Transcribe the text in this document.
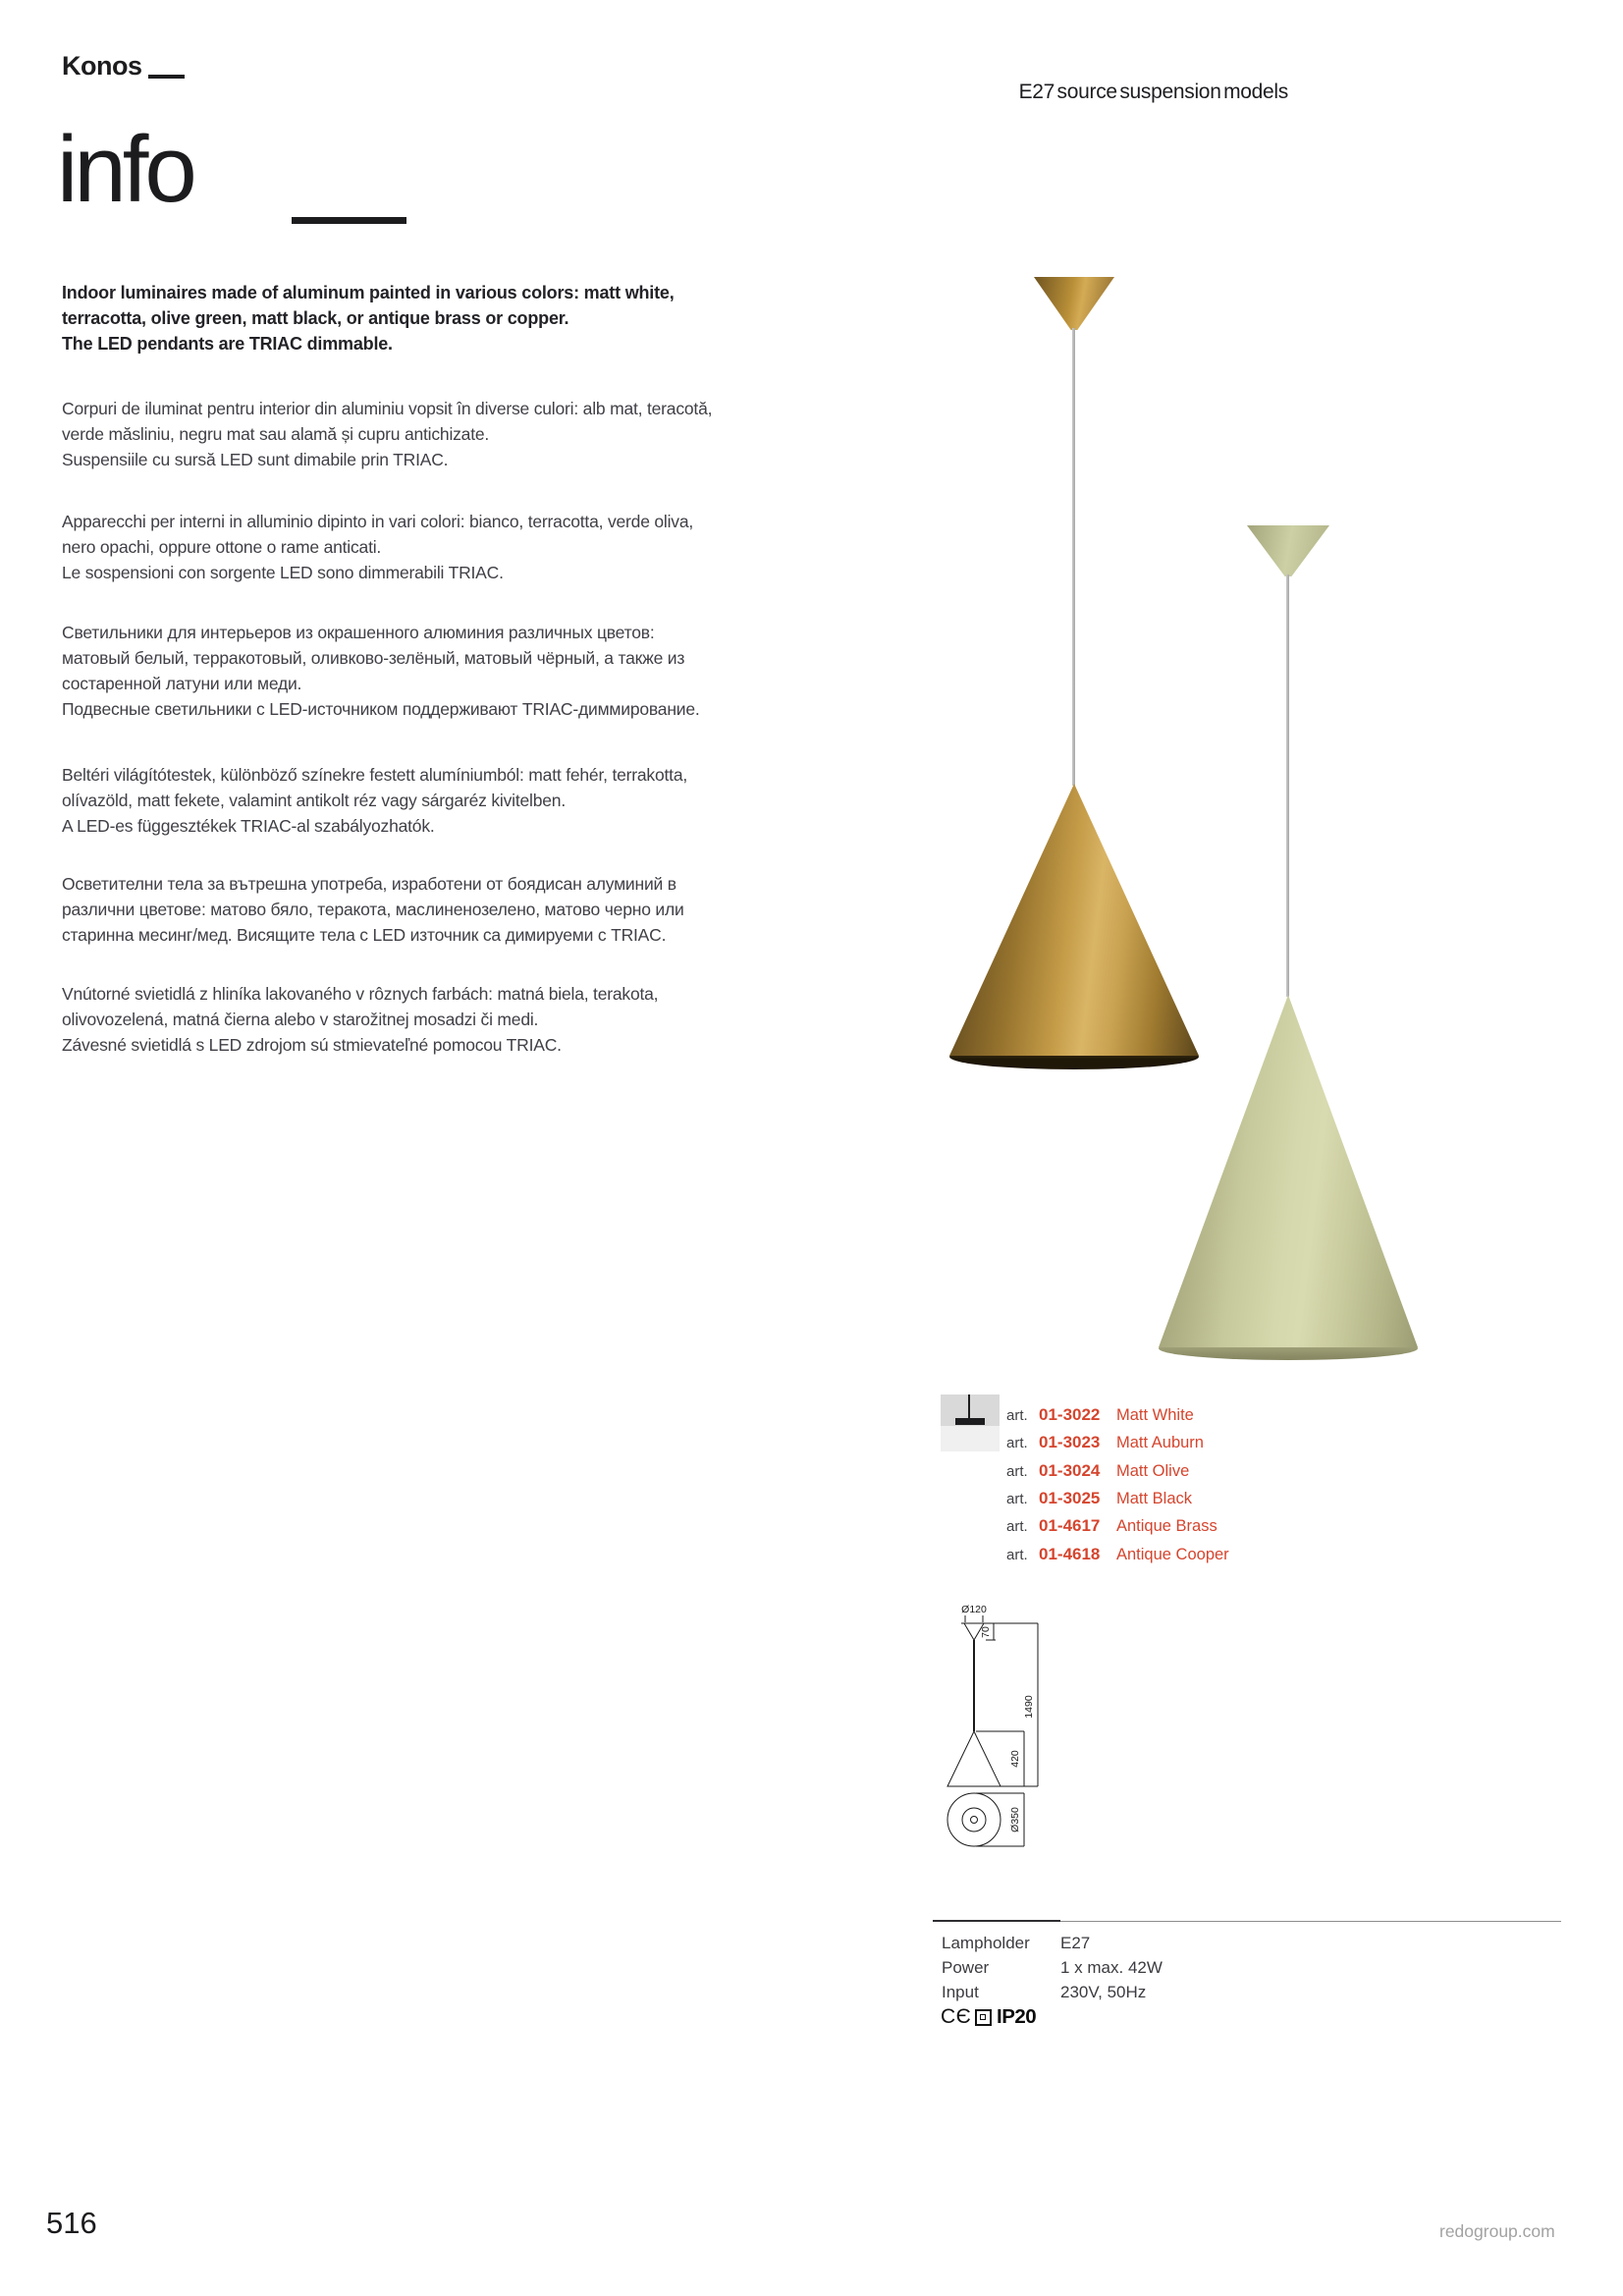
Konos
E27 source suspension models
info
Indoor luminaires made of aluminum painted in various colors: matt white,
terracotta, olive green, matt black, or antique brass or copper.
The LED pendants are TRIAC dimmable.
Corpuri de iluminat pentru interior din aluminiu vopsit în diverse culori: alb mat, teracotă,
verde măsliniu, negru mat sau alamă și cupru antichizate.
Suspensiile cu sursă LED sunt dimabile prin TRIAC.
Apparecchi per interni in alluminio dipinto in vari colori: bianco, terracotta, verde oliva,
nero opachi, oppure ottone o rame anticati.
Le sospensioni con sorgente LED sono dimmerabili TRIAC.
Светильники для интерьеров из окрашенного алюминия различных цветов:
матовый белый, терракотовый, оливково-зелёный, матовый чёрный, а также из
состаренной латуни или меди.
Подвесные светильники с LED-источником поддерживают TRIAC-диммирование.
Beltéri világítótestek, különböző színekre festett alumíniumból: matt fehér, terrakotta,
olívazöld, matt fekete, valamint antikolt réz vagy sárgaréz kivitelben.
A LED-es függesztékek TRIAC-al szabályozhatók.
Осветителни тела за вътрешна употреба, изработени от боядисан алуминий в
различни цветове: матово бяло, теракота, маслиненозелено, матово черно или
старинна месинг/мед. Висящите тела с LED източник са димируеми с TRIAC.
Vnútorné svietidlá z hliníka lakovaného v rôznych farbách: matná biela, terakota,
olivovozelená, matná čierna alebo v starožitnej mosadzi či medi.
Závesné svietidlá s LED zdrojom sú stmievateľné pomocou TRIAC.
art. 01-3022 Matt White
art. 01-3023 Matt Auburn
art. 01-3024 Matt Olive
art. 01-3025 Matt Black
art. 01-4617 Antique Brass
art. 01-4618 Antique Cooper
Ø120
70
1490
420
Ø350
Lampholder E27
Power	1 x max. 42W
Input	230V, 50Hz
CЄ IP20
516	redogroup.com
